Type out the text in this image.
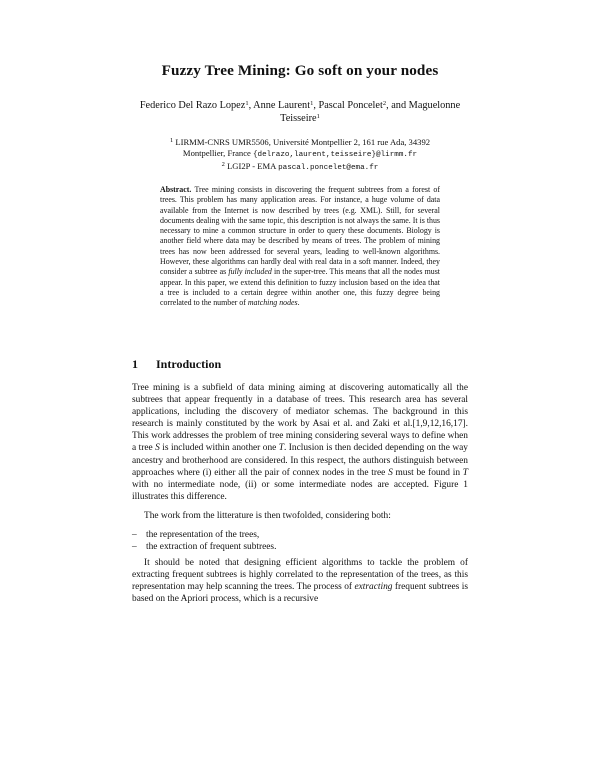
Fuzzy Tree Mining: Go soft on your nodes
Federico Del Razo Lopez$^1$, Anne Laurent$^1$, Pascal Poncelet$^2$, and Maguelonne Teisseire$^1$
$^1$ LIRMM-CNRS UMR5506, Université Montpellier 2, 161 rue Ada, 34392
Montpellier, France {delrazo,laurent,teisseire}@lirmm.fr
$^2$ LGI2P - EMA pascal.poncelet@ema.fr
Abstract. Tree mining consists in discovering the frequent subtrees from a forest of trees. This problem has many application areas. For instance, a huge volume of data available from the Internet is now described by trees (e.g. XML). Still, for several documents dealing with the same topic, this description is not always the same. It is thus necessary to mine a common structure in order to query these documents. Biology is another field where data may be described by means of trees. The problem of mining trees has now been addressed for several years, leading to well-known algorithms. However, these algorithms can hardly deal with real data in a soft manner. Indeed, they consider a subtree as fully included in the super-tree. This means that all the nodes must appear. In this paper, we extend this definition to fuzzy inclusion based on the idea that a tree is included to a certain degree within another one, this fuzzy degree being correlated to the number of matching nodes.
1 Introduction
Tree mining is a subfield of data mining aiming at discovering automatically all the subtrees that appear frequently in a database of trees. This research area has several applications, including the discovery of mediator schemas. The background in this research is mainly constituted by the work by Asai et al. and Zaki et al.[1,9,12,16,17]. This work addresses the problem of tree mining considering several ways to define when a tree S is included within another one T. Inclusion is then decided depending on the way ancestry and brotherhood are considered. In this respect, the authors distinguish between approaches where (i) either all the pair of connex nodes in the tree S must be found in T with no intermediate node, (ii) or some intermediate nodes are accepted. Figure 1 illustrates this difference.
The work from the litterature is then twofolded, considering both:
– the representation of the trees,
– the extraction of frequent subtrees.
It should be noted that designing efficient algorithms to tackle the problem of extracting frequent subtrees is highly correlated to the representation of the trees, as this representation may help scanning the trees. The process of extracting frequent subtrees is based on the Apriori process, which is a recursive
